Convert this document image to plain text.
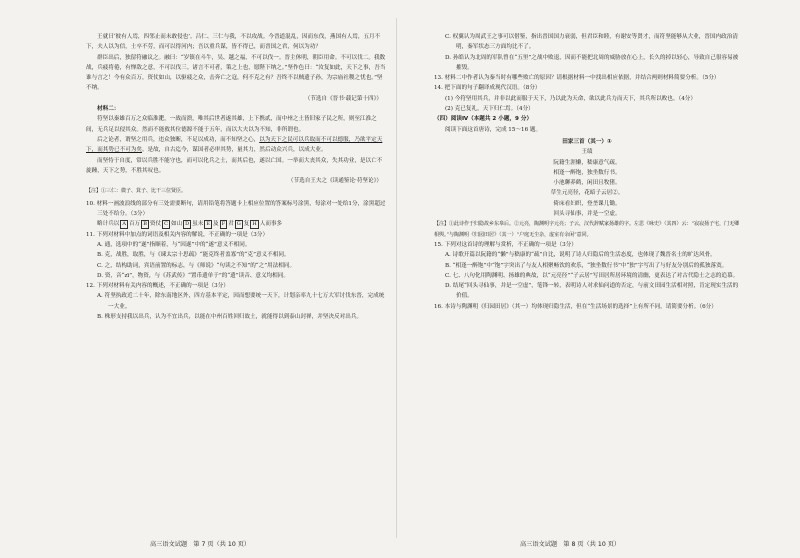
王就曰‘彼有人焉，四邻止而未敢侵也’。吕仁、三仁与我，不以攻战。今晋道混乱，因而东伐，燕国有人焉，五月不下，夫人以为信，士卒不劳，而可以得河内；吾以重兵谋，皆不得已，而晋国之君，何以为功？

群臣出后，独留符融议之。融曰：“岁镇在斗牛，吴、越之福，不可以伐一。晋主休明，朝臣用命。不可以伐二。我数战，兵疲将倦，有惮敌之意，不可以伐三。诸言不可者，策之上也，愿陛下纳之。”坚作色曰：“汝复如此，天下之事，吾当谁与言之！今有众百万，资仗如山，以驱疲之众，击奔亡之寇，何不克之有？吾终不以贼遗子孙，为宗庙社稷之忧也。”坚不纳。

（节选自《晋书·载记第十四》）

材料二：

符坚以秦雄百万之众临淮淝，一战而溃，唯其后世者遂其雄，上下携贰，而中州之土皆旧家子民之所，则至江淮之间，无兵足以侵其众。然而不能救其位德源不能于五年，而以大夫以为不知，非所谓也。

后之论者，谓坚之用兵，违众独断，不足以成功，而不知坚之心，以为天下之民可以兵取而不可以德服，乃欲平定天下，而其势已不可为矣。是故，自古迄今，谋国者必审其势，量其力，然后动众兴兵，以成大业。

而坚恃于自度，常以兵胜不能守也，而可以化兵之士，而其后也，遂以亡国。一举而大丧其众，失其功业，是以亡不旋踵，天下之势，不胜其叹也。

（节选自王夫之《读通鉴论·苻坚论》）

【注】①三仁：微子、箕子、比干三位贤臣。

10. 材料一画波浪线的部分有三处需要断句，请用铅笔将答题卡上相应位置的答案标号涂黑，每涂对一处给1分，涂黑超过三处不给分。（3分）

略计兵以 A 百万 B 资仗 C 如山 D 虽未 E 及 F 君 G 复 H 人而事多

11. 下列对材料中加点的词语及相关内容的解说，不正确的一项是（3分）

A. 通，选项中的“遂”指顺着，与“因遂”中的“遂”意义不相同。

B. 克，战胜，取胜，与《谏太宗十思疏》“能克终者盖寡”的“克”意义不相同。

C. 之，结构助词，宾语前置的标志，与《师说》“句读之不知”的“之”用法相同。

D. 资，音“zī”，物资，与《苏武传》“置币遗单于”的“遗”读音、意义均相同。

12. 下列对材料有关内容的概述，不正确的一项是（3分）

A. 符坚执政近二十年，除东南地区外，四方基本平定，因而想要统一天下，计划亲率九十七万大军讨伐东晋，完成统一大业。

B. 株形支持我以出兵，认为不宜出兵，以能在中州百姓回归故土，就能得以到泰山封禅，并坚决反对出兵。

C. 权翼认为周武王之事可以借鉴，指出晋国国力衰弱，但君臣和睦，有谢安等贤才，而符坚能够从大业，晋国内政治清明，秦军状态三方面均比不了。

D. 孙皓认为北周的军队曾在“五里”之战中败退，因而不能把北周的威胁放在心上，长久的掉以轻心，导致自己很容易被摧毁。

13. 材料二中作者认为秦当时有哪些败亡的原因？请根据材料一中找出相应依据，并结合两则材料简要分析。（5分）

14. 把下面的句子翻译成现代汉语。（8分）

(1) 今符坚用其兵，并非以此而服于天下，乃以此为天命，欲以此兵力而天下，其兵所以败也。（4分）

(2) 克已复礼，天下归仁焉。（4分）

（四）阅读Ⅳ（本题共 2 小题，9 分）

阅读下面这首唐诗，完成 15～16 题。

田家三首（其一）①

王绩

阮籍生涯懒，嵇康意气疏。

相逢一醉饱，独坐数行书。

小池聊养鹤，闲田且牧猪。

草生元亮径，花暗子云居②。

倚床看妇织，登垄课儿锄。

回头寻仙事，并是一空虚。

【注】①此诗作于归隐故乡东皋后。②元亮，陶渊明字元亮；子云，汉代辞赋家扬雄的字。左思《咏史》（其四）云：“寂寂扬子宅，门无卿相舆。”与陶渊明《归园田居》（其一）“户庭无尘杂，虚室有余闲”意同。

15. 下列对这首诗的理解与赏析，不正确的一项是（3分）

A. 诗歌开篇以阮籍的“懒”与嵇康的“疏”自比，说明了诗人归隐后的生活态度，也体现了魏晋名士的旷达风骨。

B. “相逢一醉饱”中“饱”字突出了与友人相聚畅饮的欢乐，“独坐数行书”中“独”字写出了与好友分别后的孤独落寞。

C. 七、八句化用陶渊明、扬雄的典故，以“元亮径”“子云居”写田居所居环境的清幽，更表达了对古代隐士之志的追慕。

D. 结尾“回头寻仙事，并是一空虚”，笔锋一转，表明诗人对求仙问道的否定，与前文田园生活相对照，肯定现实生活的价值。

16. 本诗与陶渊明《归园田居》（其一）均体现归隐生活，但在“生活场景的选择”上有所不同，请简要分析。（6分）

高三语文试题　第 7 页（共 10 页）	高三语文试题　第 8 页（共 10 页）
